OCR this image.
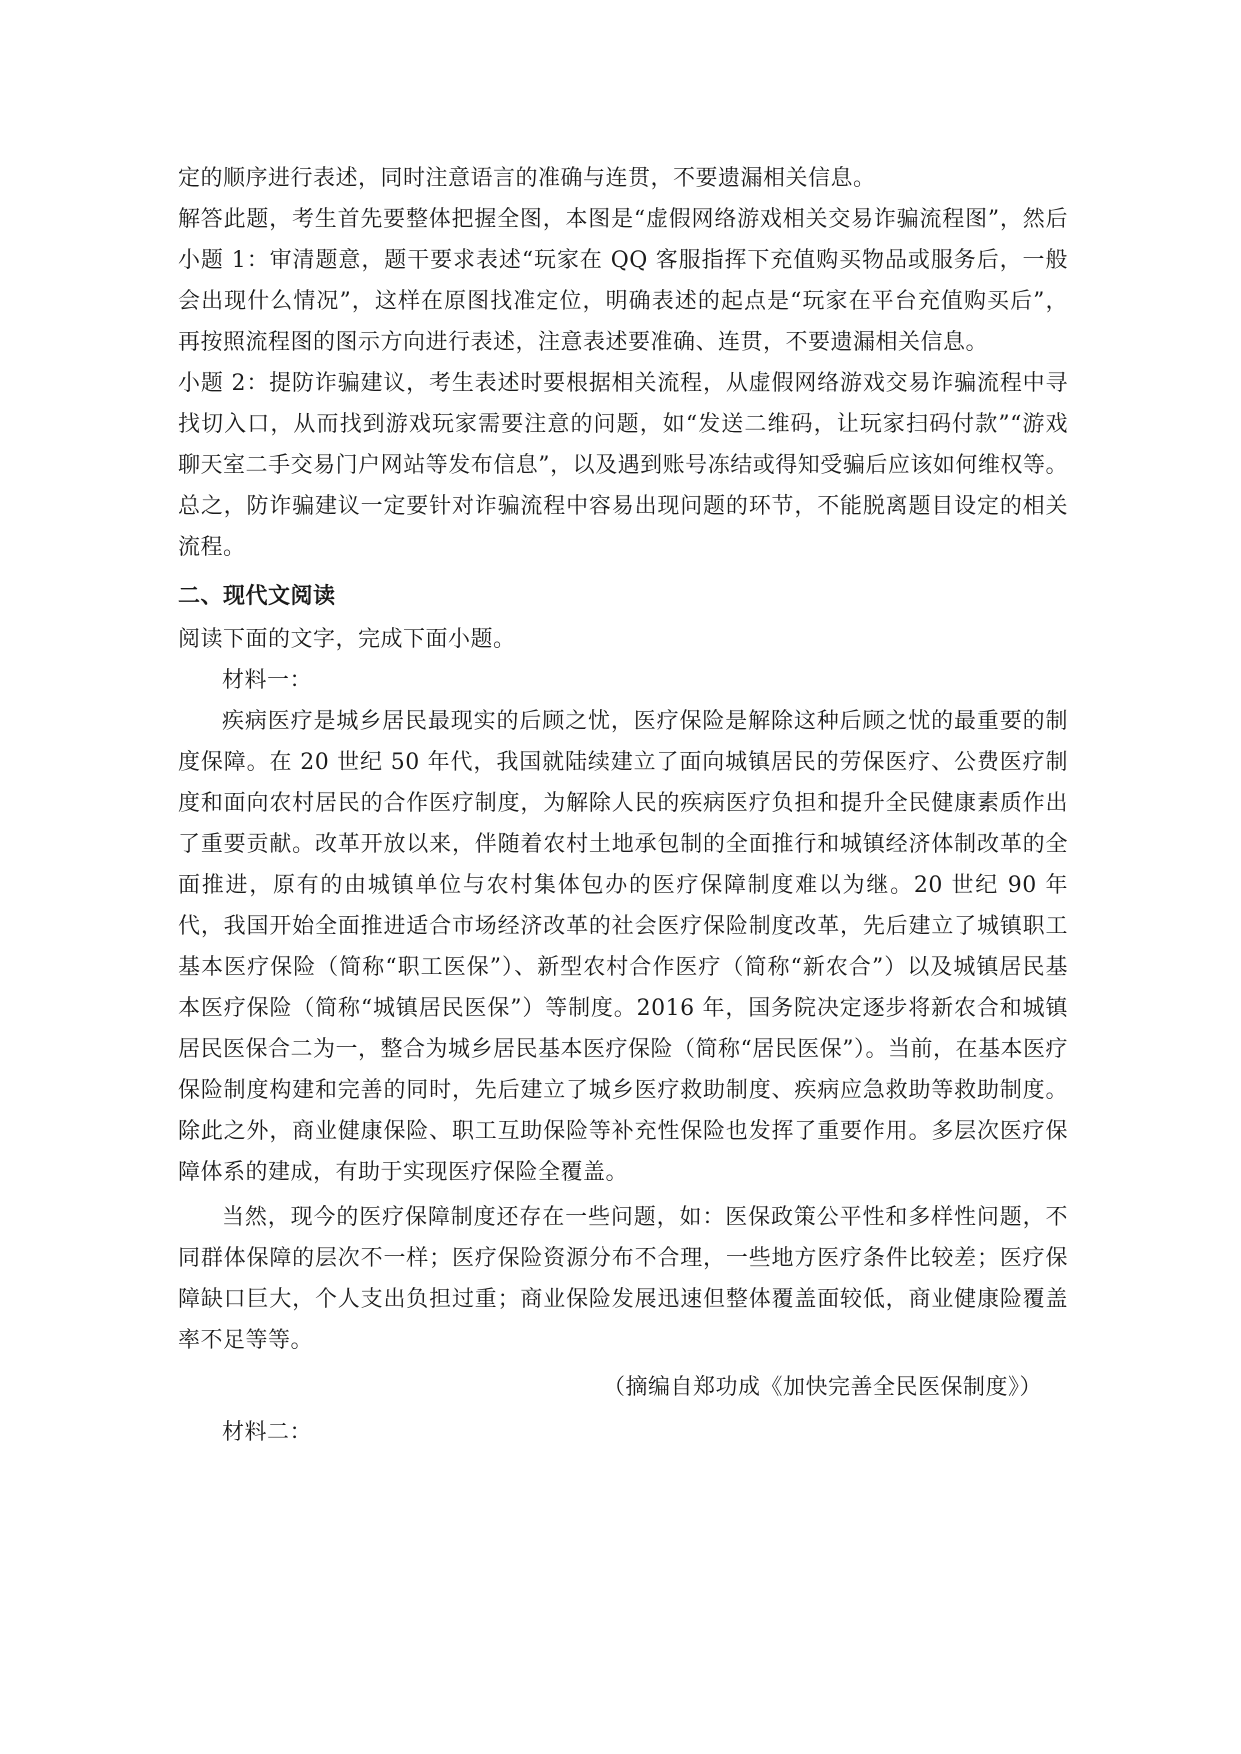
定的顺序进行表述，同时注意语言的准确与连贯，不要遗漏相关信息。

解答此题，考生首先要整体把握全图，本图是“虚假网络游戏相关交易诈骗流程图”，然后小题 1：审清题意，题干要求表述“玩家在 QQ 客服指挥下充值购买物品或服务后，一般会出现什么情况”，这样在原图找准定位，明确表述的起点是“玩家在平台充值购买后”，再按照流程图的图示方向进行表述，注意表述要准确、连贯，不要遗漏相关信息。

小题 2：提防诈骗建议，考生表述时要根据相关流程，从虚假网络游戏交易诈骗流程中寻找切入口，从而找到游戏玩家需要注意的问题，如“发送二维码，让玩家扫码付款”“游戏聊天室二手交易门户网站等发布信息”，以及遇到账号冻结或得知受骗后应该如何维权等。总之，防诈骗建议一定要针对诈骗流程中容易出现问题的环节，不能脱离题目设定的相关流程。

二、现代文阅读

阅读下面的文字，完成下面小题。

材料一：

疾病医疗是城乡居民最现实的后顾之忧，医疗保险是解除这种后顾之忧的最重要的制度保障。在 20 世纪 50 年代，我国就陆续建立了面向城镇居民的劳保医疗、公费医疗制度和面向农村居民的合作医疗制度，为解除人民的疾病医疗负担和提升全民健康素质作出了重要贡献。改革开放以来，伴随着农村土地承包制的全面推行和城镇经济体制改革的全面推进，原有的由城镇单位与农村集体包办的医疗保障制度难以为继。20 世纪 90 年代，我国开始全面推进适合市场经济改革的社会医疗保险制度改革，先后建立了城镇职工基本医疗保险（简称“职工医保”）、新型农村合作医疗（简称“新农合”）以及城镇居民基本医疗保险（简称“城镇居民医保”）等制度。2016 年，国务院决定逐步将新农合和城镇居民医保合二为一，整合为城乡居民基本医疗保险（简称“居民医保”）。当前，在基本医疗保险制度构建和完善的同时，先后建立了城乡医疗救助制度、疾病应急救助等救助制度。除此之外，商业健康保险、职工互助保险等补充性保险也发挥了重要作用。多层次医疗保障体系的建成，有助于实现医疗保险全覆盖。

当然，现今的医疗保障制度还存在一些问题，如：医保政策公平性和多样性问题，不同群体保障的层次不一样；医疗保险资源分布不合理，一些地方医疗条件比较差；医疗保障缺口巨大，个人支出负担过重；商业保险发展迅速但整体覆盖面较低，商业健康险覆盖率不足等等。

（摘编自郑功成《加快完善全民医保制度》）

材料二：
